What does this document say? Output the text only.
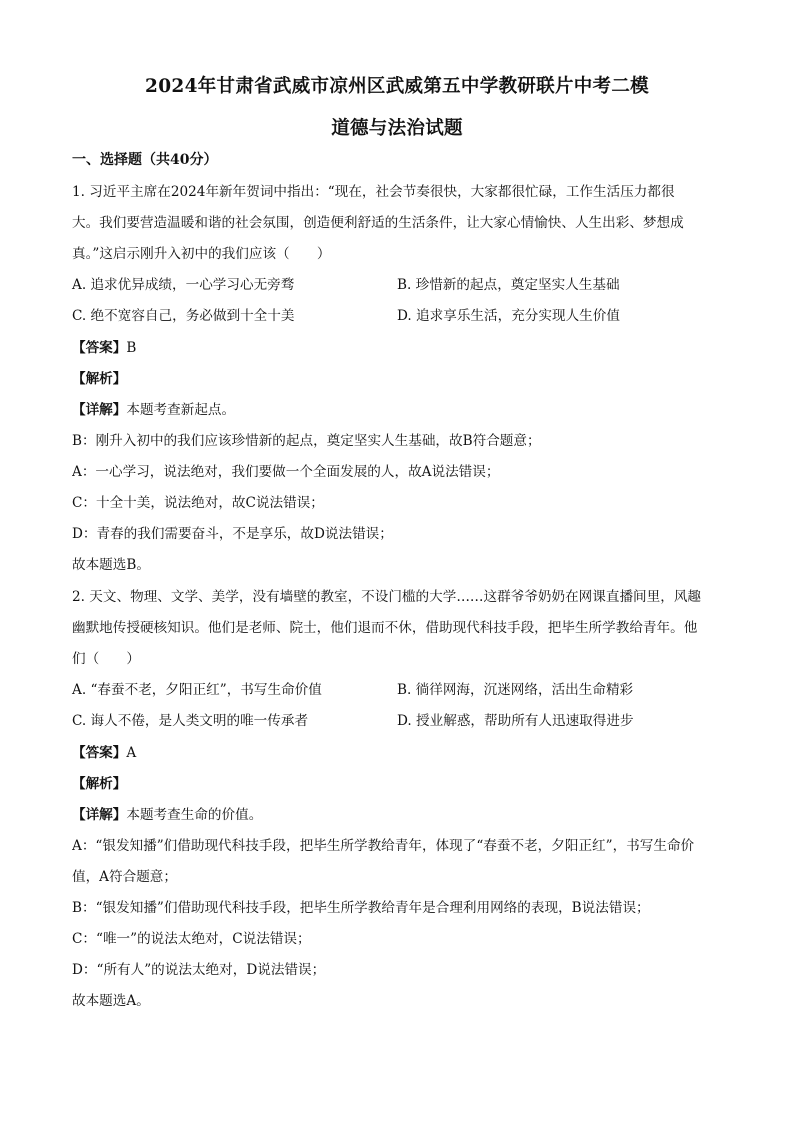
2024年甘肃省武威市凉州区武威第五中学教研联片中考二模
道德与法治试题
一、选择题（共40分）
1. 习近平主席在2024年新年贺词中指出：“现在，社会节奏很快，大家都很忙碌，工作生活压力都很
大。我们要营造温暖和谐的社会氛围，创造便利舒适的生活条件，让大家心情愉快、人生出彩、梦想成
真。”这启示刚升入初中的我们应该（　　）
A. 追求优异成绩，一心学习心无旁骛	B. 珍惜新的起点，奠定坚实人生基础
C. 绝不宽容自己，务必做到十全十美	D. 追求享乐生活，充分实现人生价值
【答案】B
【解析】
【详解】本题考查新起点。
B：刚升入初中的我们应该珍惜新的起点，奠定坚实人生基础，故B符合题意；
A：一心学习，说法绝对，我们要做一个全面发展的人，故A说法错误；
C：十全十美，说法绝对，故C说法错误；
D：青春的我们需要奋斗，不是享乐，故D说法错误；
故本题选B。
2. 天文、物理、文学、美学，没有墙壁的教室，不设门槛的大学……这群爷爷奶奶在网课直播间里，风趣
幽默地传授硬核知识。他们是老师、院士，他们退而不休，借助现代科技手段，把毕生所学教给青年。他
们（　　）
A. “春蚕不老，夕阳正红”，书写生命价值	B. 徜徉网海，沉迷网络，活出生命精彩
C. 诲人不倦，是人类文明的唯一传承者	D. 授业解惑，帮助所有人迅速取得进步
【答案】A
【解析】
【详解】本题考查生命的价值。
A：“银发知播”们借助现代科技手段，把毕生所学教给青年，体现了“春蚕不老，夕阳正红”，书写生命价
值，A符合题意；
B：“银发知播”们借助现代科技手段，把毕生所学教给青年是合理利用网络的表现，B说法错误；
C：“唯一”的说法太绝对，C说法错误；
D：“所有人”的说法太绝对，D说法错误；
故本题选A。
